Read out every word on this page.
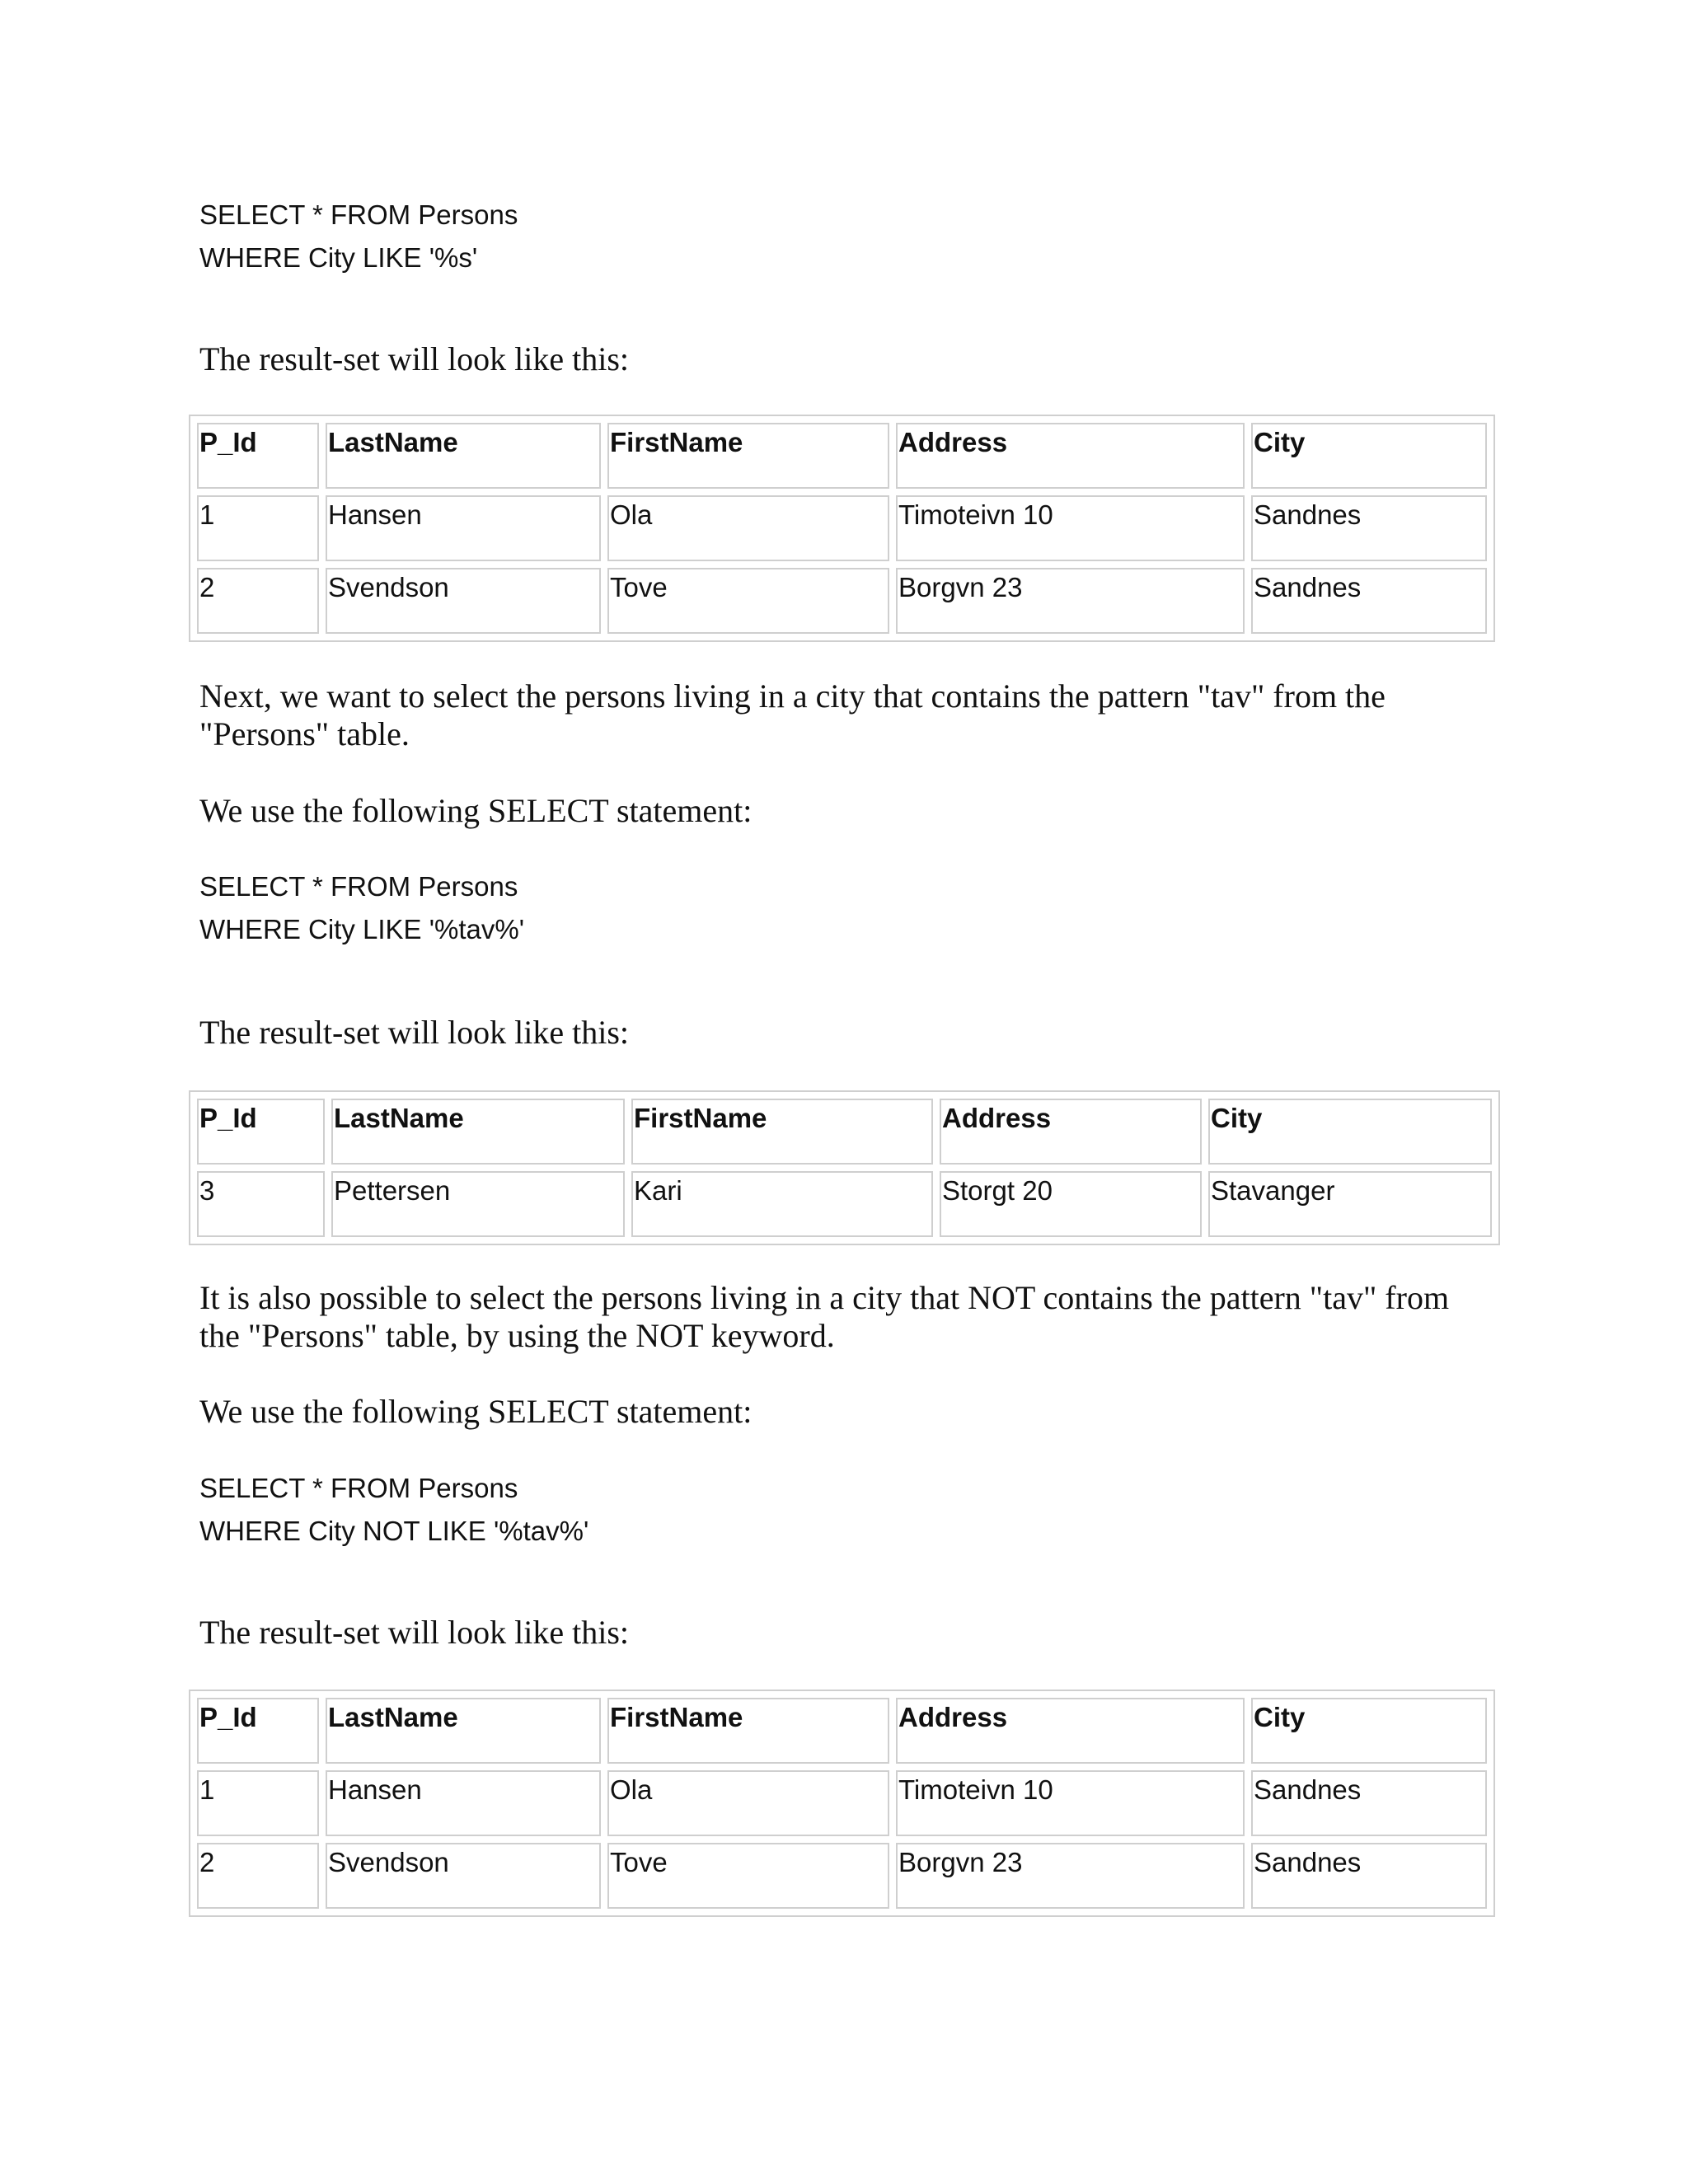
SELECT * FROM Persons
WHERE City LIKE '%s'

The result-set will look like this:

P_Id	LastName	FirstName	Address	City
1	Hansen	Ola	Timoteivn 10	Sandnes
2	Svendson	Tove	Borgvn 23	Sandnes

Next, we want to select the persons living in a city that contains the pattern "tav" from the "Persons" table.

We use the following SELECT statement:

SELECT * FROM Persons
WHERE City LIKE '%tav%'

The result-set will look like this:

P_Id	LastName	FirstName	Address	City
3	Pettersen	Kari	Storgt 20	Stavanger

It is also possible to select the persons living in a city that NOT contains the pattern "tav" from the "Persons" table, by using the NOT keyword.

We use the following SELECT statement:

SELECT * FROM Persons
WHERE City NOT LIKE '%tav%'

The result-set will look like this:

P_Id	LastName	FirstName	Address	City
1	Hansen	Ola	Timoteivn 10	Sandnes
2	Svendson	Tove	Borgvn 23	Sandnes
